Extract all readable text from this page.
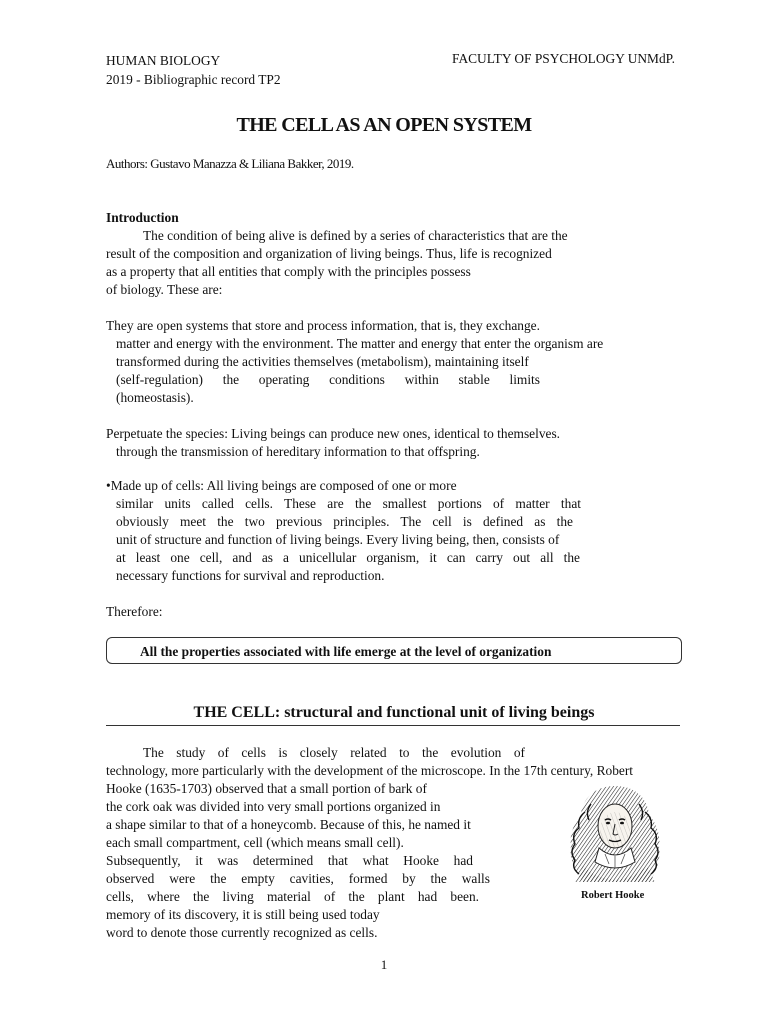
HUMAN BIOLOGY
2019 - Bibliographic record TP2
FACULTY OF PSYCHOLOGY UNMdP.
THE CELL AS AN OPEN SYSTEM
Authors: Gustavo Manazza & Liliana Bakker, 2019.
Introduction
The condition of being alive is defined by a series of characteristics that are the
result of the composition and organization of living beings. Thus, life is recognized
as a property that all entities that comply with the principles possess
of biology. These are:
They are open systems that store and process information, that is, they exchange.
matter and energy with the environment. The matter and energy that enter the organism are
transformed during the activities themselves (metabolism), maintaining itself
(self-regulation) the operating conditions within stable limits
(homeostasis).
Perpetuate the species: Living beings can produce new ones, identical to themselves.
through the transmission of hereditary information to that offspring.
•Made up of cells: All living beings are composed of one or more
similar units called cells. These are the smallest portions of matter that
obviously meet the two previous principles. The cell is defined as the
unit of structure and function of living beings. Every living being, then, consists of
at least one cell, and as a unicellular organism, it can carry out all the
necessary functions for survival and reproduction.
Therefore:
All the properties associated with life emerge at the level of organization
THE CELL: structural and functional unit of living beings
The study of cells is closely related to the evolution of
technology, more particularly with the development of the microscope. In the 17th century, Robert
Hooke (1635-1703) observed that a small portion of bark of
the cork oak was divided into very small portions organized in
a shape similar to that of a honeycomb. Because of this, he named it
each small compartment, cell (which means small cell).
Subsequently, it was determined that what Hooke had
observed were the empty cavities, formed by the walls
cells, where the living material of the plant had been.
memory of its discovery, it is still being used today
word to denote those currently recognized as cells.
Robert Hooke
1
